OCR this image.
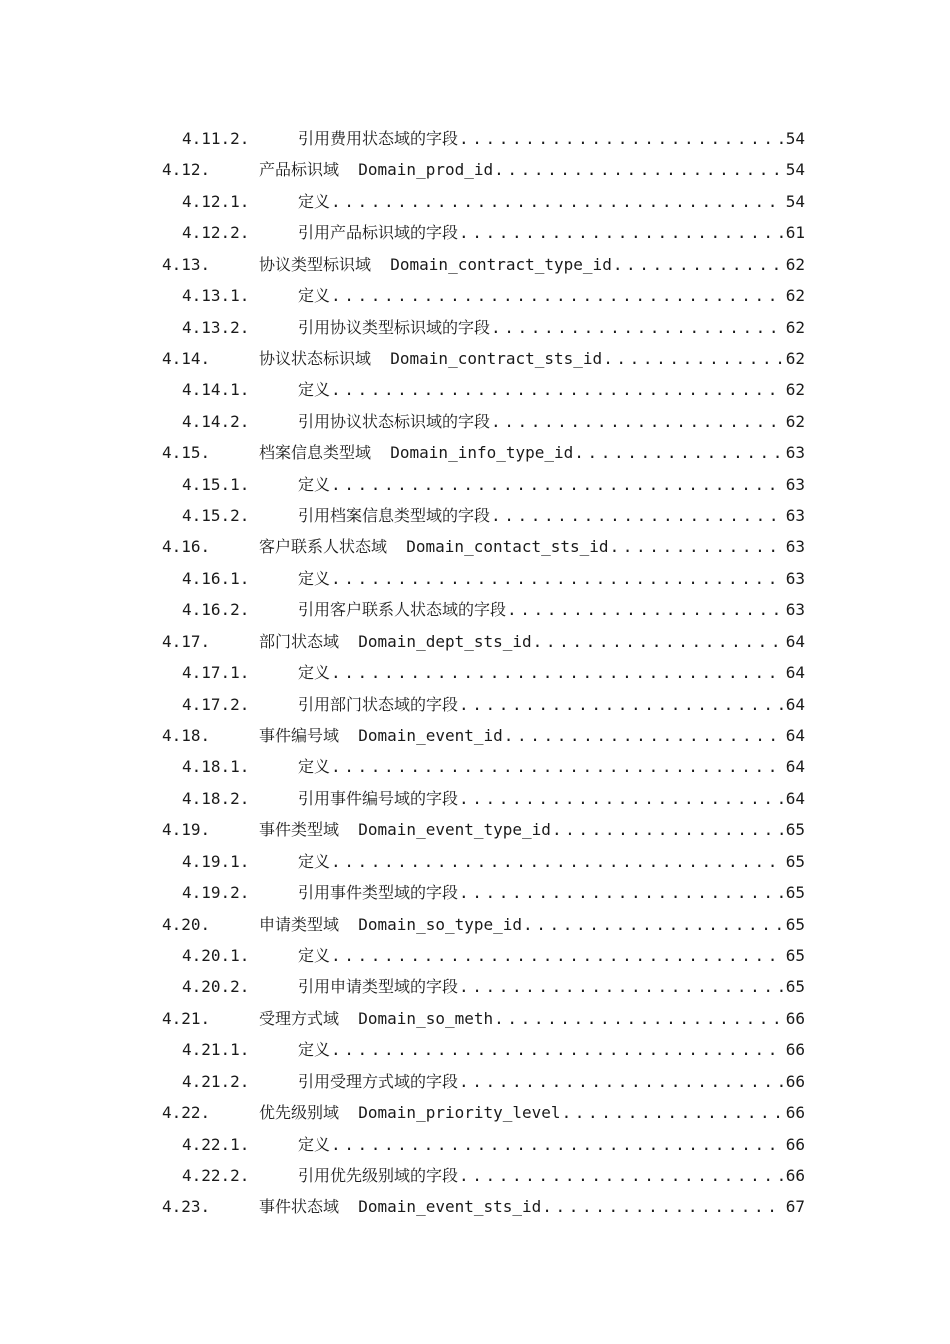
4.11.2.	引用费用状态域的字段 .....	54
4.12.	产品标识域  Domain_prod_id .....	54
4.12.1.	定义 .....	54
4.12.2.	引用产品标识域的字段 .....	61
4.13.	协议类型标识域  Domain_contract_type_id .....	62
4.13.1.	定义 .....	62
4.13.2.	引用协议类型标识域的字段 .....	62
4.14.	协议状态标识域  Domain_contract_sts_id .....	62
4.14.1.	定义 .....	62
4.14.2.	引用协议状态标识域的字段 .....	62
4.15.	档案信息类型域  Domain_info_type_id .....	63
4.15.1.	定义 .....	63
4.15.2.	引用档案信息类型域的字段 .....	63
4.16.	客户联系人状态域  Domain_contact_sts_id .....	63
4.16.1.	定义 .....	63
4.16.2.	引用客户联系人状态域的字段 .....	63
4.17.	部门状态域  Domain_dept_sts_id .....	64
4.17.1.	定义 .....	64
4.17.2.	引用部门状态域的字段 .....	64
4.18.	事件编号域  Domain_event_id .....	64
4.18.1.	定义 .....	64
4.18.2.	引用事件编号域的字段 .....	64
4.19.	事件类型域  Domain_event_type_id .....	65
4.19.1.	定义 .....	65
4.19.2.	引用事件类型域的字段 .....	65
4.20.	申请类型域  Domain_so_type_id .....	65
4.20.1.	定义 .....	65
4.20.2.	引用申请类型域的字段 .....	65
4.21.	受理方式域  Domain_so_meth .....	66
4.21.1.	定义 .....	66
4.21.2.	引用受理方式域的字段 .....	66
4.22.	优先级别域  Domain_priority_level .....	66
4.22.1.	定义 .....	66
4.22.2.	引用优先级别域的字段 .....	66
4.23.	事件状态域  Domain_event_sts_id .....	67
